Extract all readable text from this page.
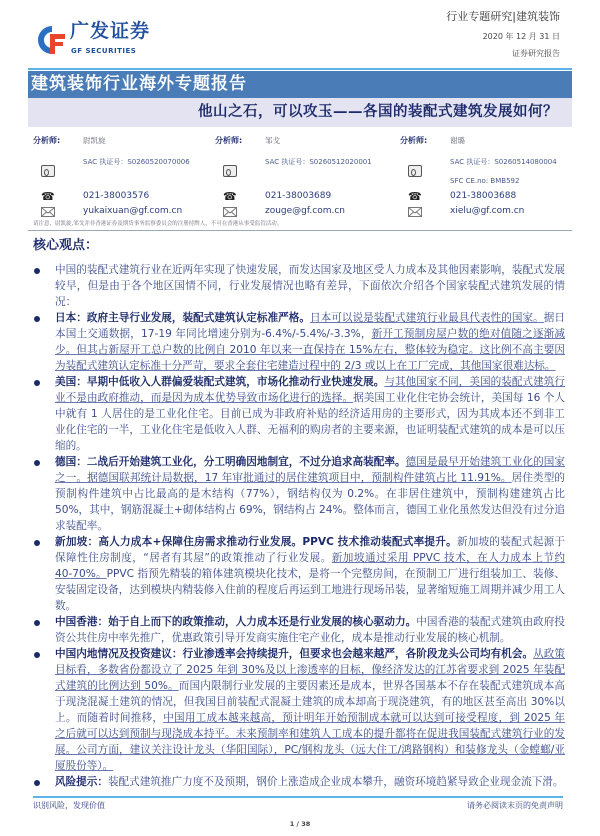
广发证券
GF SECURITIES
行业专题研究|建筑装饰
2020 年 12 月 31 日
证券研究报告
建筑装饰行业海外专题报告
他山之石，可以攻玉——各国的装配式建筑发展如何？
分析师:	尉凯旋
SAC 执证号：S0260520070006
☎	021-38003576
yukaixuan@gf.com.cn
分析师:	邹戈
SAC 执证号：S0260512020001
☎	021-38003689
zouge@gf.com.cn
分析师:	谢璐
SAC 执证号：S0260514080004
SFC CE.no: BMB592
☎	021-38003688
xielu@gf.com.cn
请注意，尉凯旋,邹戈并非香港证券及期货事务监察委员会的注册持牌人，不可在香港从事受监管活动。
核心观点：
中国的装配式建筑行业在近两年实现了快速发展，而发达国家及地区受人力成本及其他因素影响，装配式发展较早，但是由于各个地区国情不同，行业发展情况也略有差异，下面依次介绍各个国家装配式建筑发展的情况：
日本：政府主导行业发展，装配式建筑认定标准严格。日本可以说是装配式建筑行业最具代表性的国家。据日本国土交通数据，17-19 年同比增速分别为-6.4%/-5.4%/-3.3%，新开工预制房屋户数的绝对值随之逐渐减少。但其占新屋开工总户数的比例自 2010 年以来一直保持在 15%左右，整体较为稳定。这比例不高主要因为装配式建筑认定标准十分严苛，要求全套住宅建造过程中的 2/3 或以上在工厂完成，其他国家很难达标。
美国：早期中低收入人群偏爱装配式建筑，市场化推动行业快速发展。与其他国家不同，美国的装配式建筑行业不是由政府推动，而是因为成本优势导致市场化进行的选择。据美国工业化住宅协会统计，美国每 16 个人中就有 1 人居住的是工业化住宅。目前已成为非政府补贴的经济适用房的主要形式，因为其成本还不到非工业化住宅的一半，工业化住宅是低收入人群、无福利的购房者的主要来源，也证明装配式建筑的成本是可以压缩的。
德国：二战后开始建筑工业化，分工明确因地制宜，不过分追求高装配率。德国是最早开始建筑工业化的国家之一。据德国联邦统计局数据，17 年审批通过的居住建筑项目中，预制构件建筑占比 11.91%。居住类型的预制构件建筑中占比最高的是木结构（77%），钢结构仅为 0.2%。在非居住建筑中，预制构建建筑占比 50%，其中，钢筋混凝土+砌体结构占 69%，钢结构占 24%。整体而言，德国工业化虽然发达但没有过分追求装配率。
新加坡：高人力成本+保障住房需求推动行业发展。PPVC 技术推动装配式率提升。新加坡的装配式起源于保障性住房制度，“居者有其屋”的政策推动了行业发展。新加坡通过采用 PPVC 技术，在人力成本上节约 40-70%。PPVC 指预先精装的箱体建筑模块化技术，是将一个完整房间，在预制工厂进行组装加工、装修、安装固定设备，达到模块内精装修入住前的程度后再运到工地进行现场吊装，显著缩短施工周期并减少用工人数。
中国香港：始于自上而下的政策推动，人力成本还是行业发展的核心驱动力。中国香港的装配式建筑由政府投资公共住房中率先推广，优惠政策引导开发商实施住宅产业化，成本是推动行业发展的核心机制。
中国内地情况及投资建议：行业渗透率会持续提升，但要求也会越来越严，各阶段龙头公司均有机会。从政策目标看，多数省份都设立了 2025 年到 30%及以上渗透率的目标，像经济发达的江苏省要求到 2025 年装配式建筑的比例达到 50%。而国内限制行业发展的主要因素还是成本，世界各国基本不存在装配式建筑成本高于现浇混凝土建筑的情况，但我国目前装配式混凝土建筑的成本却高于现浇建筑，有的地区甚至高出 30%以上。而随着时间推移，中国用工成本越来越高，预计明年开始预制成本就可以达到可接受程度，到 2025 年之后就可以达到预制与现浇成本持平。未来预制率和建筑人工成本的提升都将在促进我国装配式建筑行业的发展。公司方面，建议关注设计龙头（华阳国际），PC/钢构龙头（远大住工/鸿路钢构）和装修龙头（金螳螂/亚厦股份等）。
风险提示：装配式建筑推广力度不及预期，钢价上涨造成企业成本攀升，融资环境趋紧导致企业现金流下滑。
识别风险，发现价值	请务必阅读末页的免责声明
1 / 38
